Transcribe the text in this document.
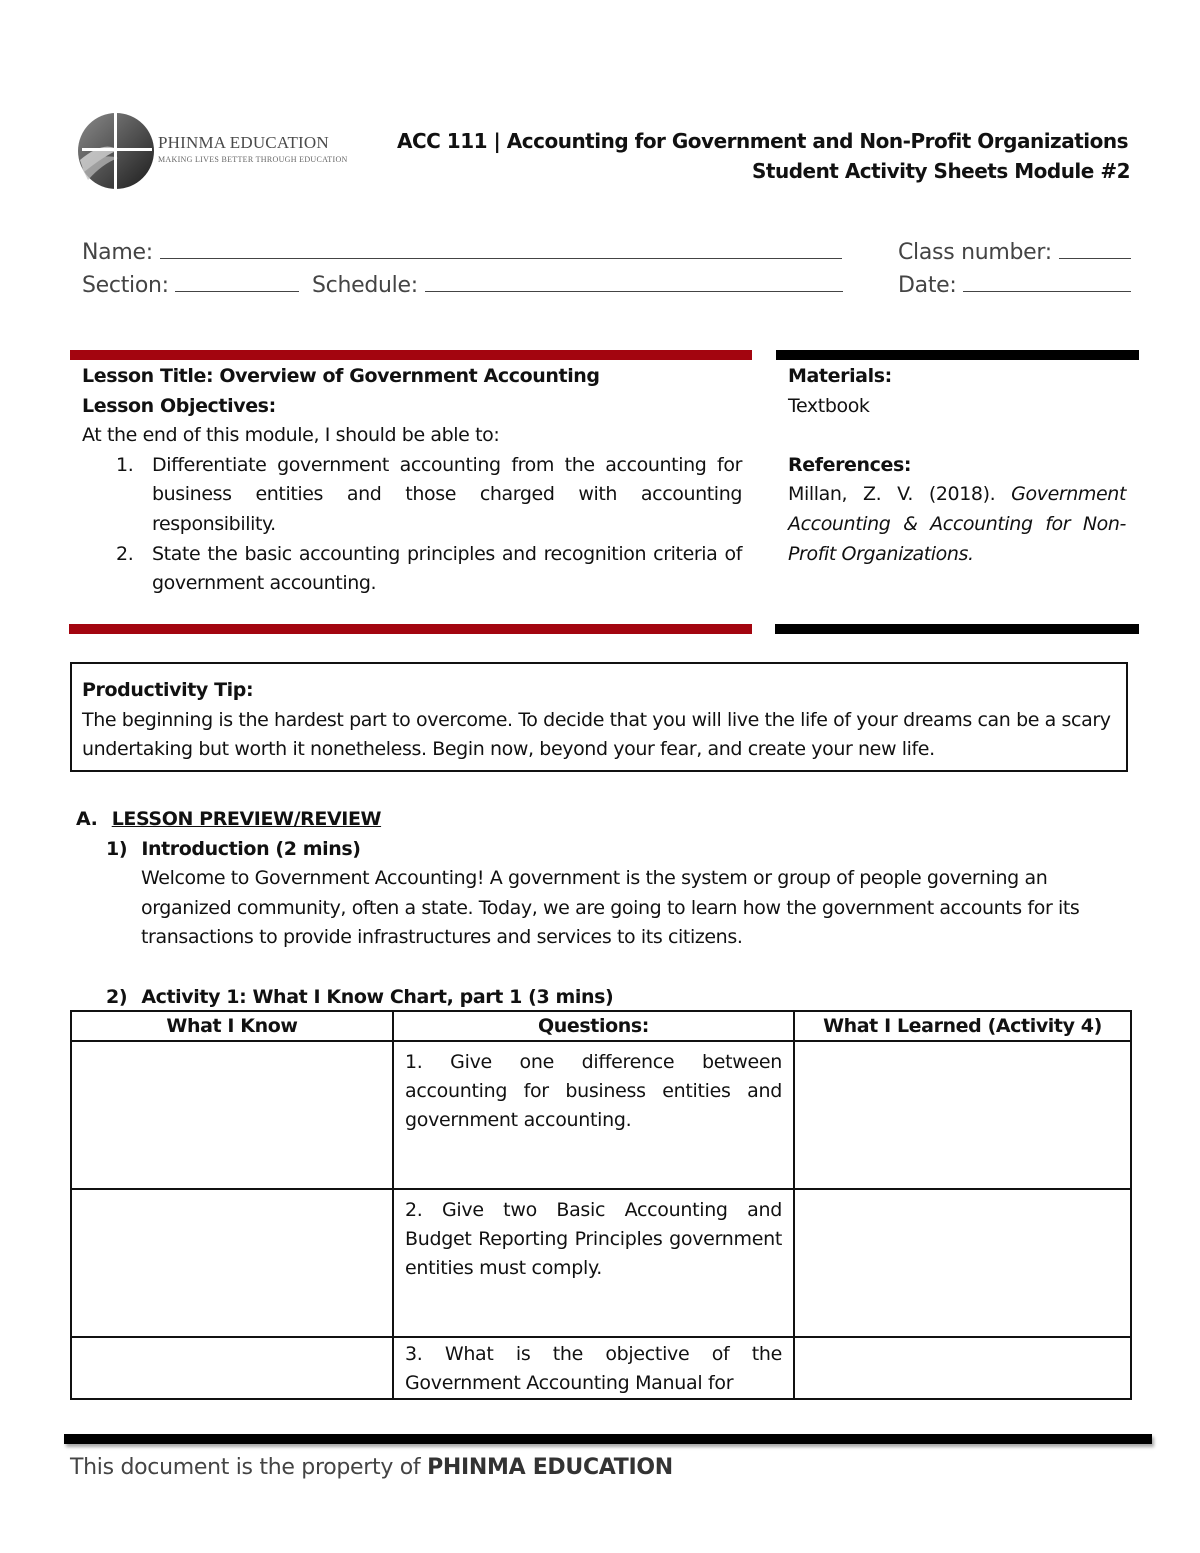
PHINMA EDUCATION
MAKING LIVES BETTER THROUGH EDUCATION
ACC 111 | Accounting for Government and Non-Profit Organizations
Student Activity Sheets Module #2
Name:	Class number:
Section:	Schedule:	Date:
Lesson Title: Overview of Government Accounting
Lesson Objectives:
At the end of this module, I should be able to:
1. Differentiate government accounting from the accounting for business entities and those charged with accounting responsibility.
2. State the basic accounting principles and recognition criteria of government accounting.
Materials:
Textbook
References:
Millan, Z. V. (2018). Government Accounting & Accounting for Non-Profit Organizations.
Productivity Tip:
The beginning is the hardest part to overcome. To decide that you will live the life of your dreams can be a scary undertaking but worth it nonetheless. Begin now, beyond your fear, and create your new life.
A. LESSON PREVIEW/REVIEW
1) Introduction (2 mins)
Welcome to Government Accounting! A government is the system or group of people governing an organized community, often a state. Today, we are going to learn how the government accounts for its transactions to provide infrastructures and services to its citizens.
2) Activity 1: What I Know Chart, part 1 (3 mins)
What I Know	Questions:	What I Learned (Activity 4)
	1. Give one difference between accounting for business entities and government accounting.	
	2. Give two Basic Accounting and Budget Reporting Principles government entities must comply.	
	3. What is the objective of the Government Accounting Manual for	
This document is the property of PHINMA EDUCATION
